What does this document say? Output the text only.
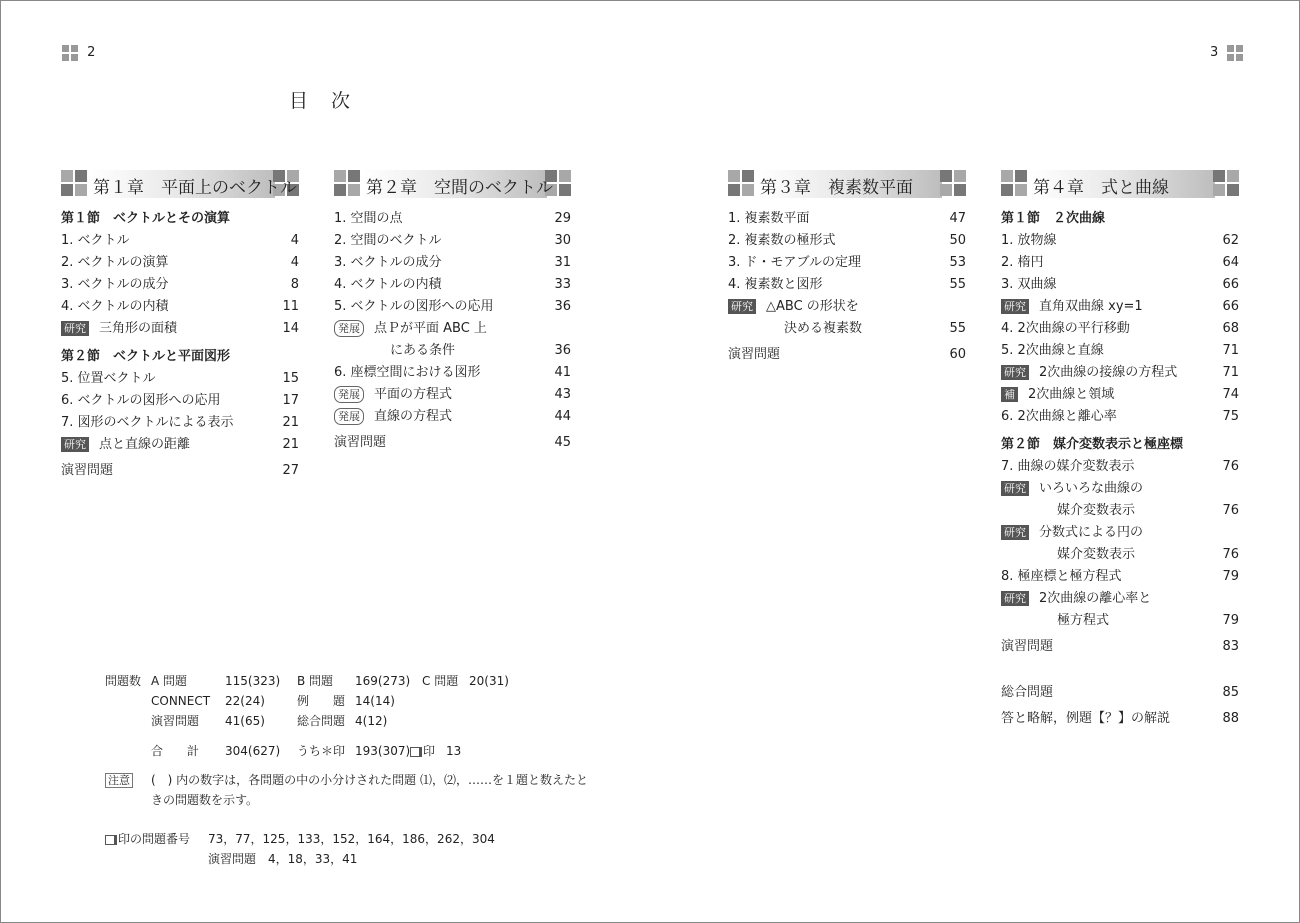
2	3
目　次
第１章　平面上のベクトル
第１節　ベクトルとその演算
1. ベクトル	4
2. ベクトルの演算	4
3. ベクトルの成分	8
4. ベクトルの内積	11
研究 三角形の面積	14
第２節　ベクトルと平面図形
5. 位置ベクトル	15
6. ベクトルの図形への応用	17
7. 図形のベクトルによる表示	21
研究 点と直線の距離	21
演習問題	27
第２章　空間のベクトル
1. 空間の点	29
2. 空間のベクトル	30
3. ベクトルの成分	31
4. ベクトルの内積	33
5. ベクトルの図形への応用	36
発展 点Ｐが平面 ABC 上
にある条件	36
6. 座標空間における図形	41
発展 平面の方程式	43
発展 直線の方程式	44
演習問題	45
第３章　複素数平面
1. 複素数平面	47
2. 複素数の極形式	50
3. ド・モアブルの定理	53
4. 複素数と図形	55
研究 △ABC の形状を
決める複素数	55
演習問題	60
第４章　式と曲線
第１節　２次曲線
1. 放物線	62
2. 楕円	64
3. 双曲線	66
研究 直角双曲線 xy=1	66
4. 2次曲線の平行移動	68
5. 2次曲線と直線	71
研究 2次曲線の接線の方程式	71
補 2次曲線と領域	74
6. 2次曲線と離心率	75
第２節　媒介変数表示と極座標
7. 曲線の媒介変数表示	76
研究 いろいろな曲線の
媒介変数表示	76
研究 分数式による円の
媒介変数表示	76
8. 極座標と極方程式	79
研究 2次曲線の離心率と
極方程式	79
演習問題	83
総合問題	85
答と略解，例題【？】の解説	88
問題数 A 問題	115(323) B 問題 169(273) C 問題 20(31)
CONNECT 22(24)	例　　題 14(14)
演習問題 41(65)	総合問題 4(12)
合　　計 304(627) うち＊印 193(307)	印 13
注意 (　) 内の数字は，各問題の中の小分けされた問題 ⑴，⑵，……を１題と数えたと
きの問題数を示す。
印の問題番号 73，77，125，133，152，164，186，262，304
演習問題　4，18，33，41
